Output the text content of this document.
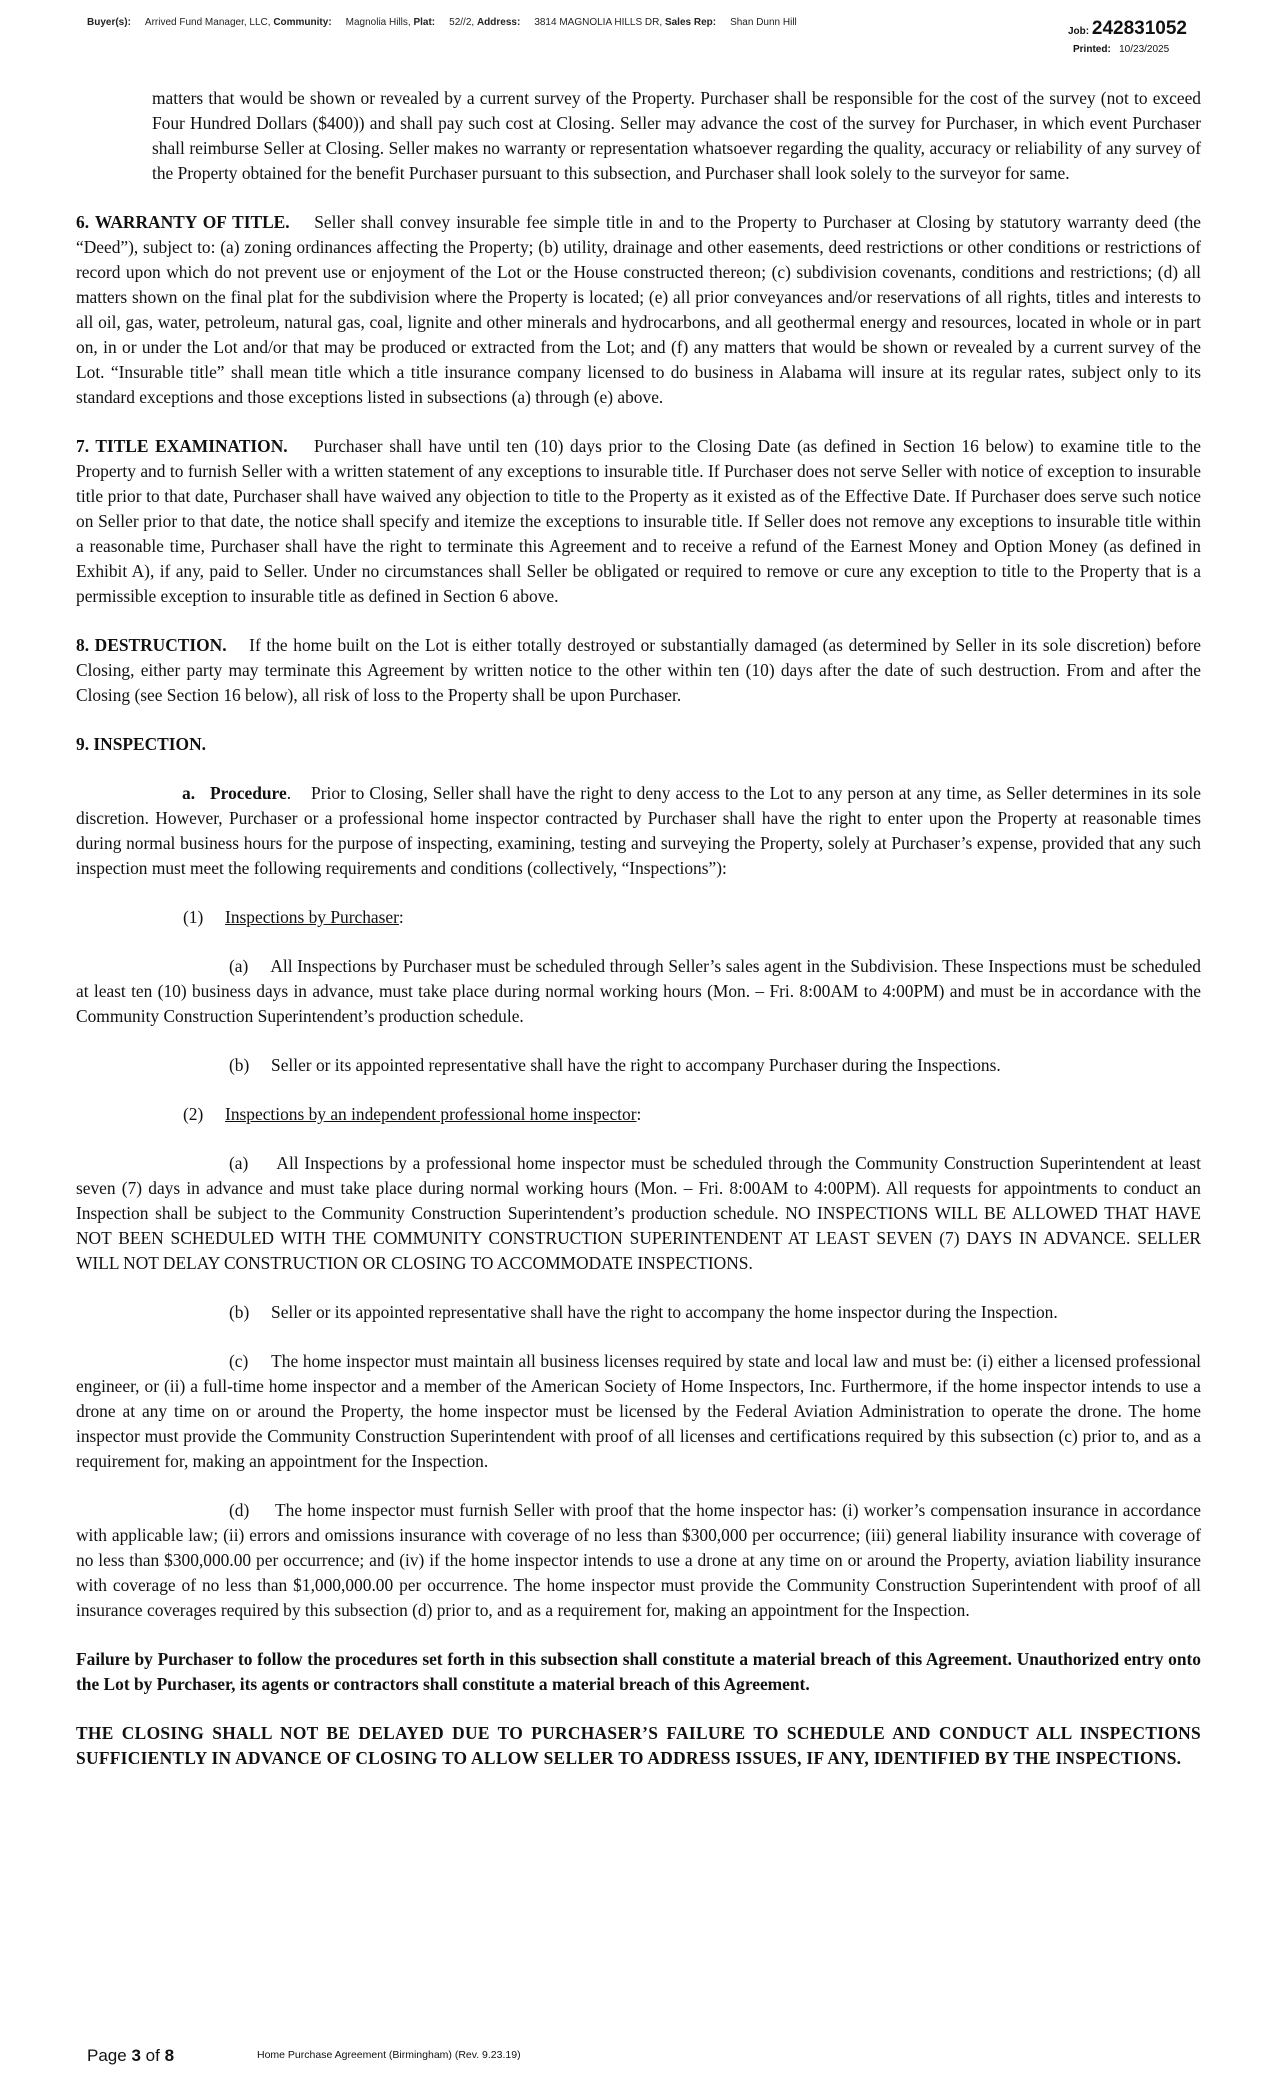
Buyer(s): Arrived Fund Manager, LLC, Community: Magnolia Hills, Plat: 52//2, Address: 3814 MAGNOLIA HILLS DR, Sales Rep: Shan Dunn Hill
Job: 242831052
Printed: 10/23/2025

matters that would be shown or revealed by a current survey of the Property. Purchaser shall be responsible for the cost of the survey (not to exceed Four Hundred Dollars ($400)) and shall pay such cost at Closing. Seller may advance the cost of the survey for Purchaser, in which event Purchaser shall reimburse Seller at Closing. Seller makes no warranty or representation whatsoever regarding the quality, accuracy or reliability of any survey of the Property obtained for the benefit Purchaser pursuant to this subsection, and Purchaser shall look solely to the surveyor for same.

6. WARRANTY OF TITLE. Seller shall convey insurable fee simple title in and to the Property to Purchaser at Closing by statutory warranty deed (the “Deed”), subject to: (a) zoning ordinances affecting the Property; (b) utility, drainage and other easements, deed restrictions or other conditions or restrictions of record upon which do not prevent use or enjoyment of the Lot or the House constructed thereon; (c) subdivision covenants, conditions and restrictions; (d) all matters shown on the final plat for the subdivision where the Property is located; (e) all prior conveyances and/or reservations of all rights, titles and interests to all oil, gas, water, petroleum, natural gas, coal, lignite and other minerals and hydrocarbons, and all geothermal energy and resources, located in whole or in part on, in or under the Lot and/or that may be produced or extracted from the Lot; and (f) any matters that would be shown or revealed by a current survey of the Lot. “Insurable title” shall mean title which a title insurance company licensed to do business in Alabama will insure at its regular rates, subject only to its standard exceptions and those exceptions listed in subsections (a) through (e) above.

7. TITLE EXAMINATION. Purchaser shall have until ten (10) days prior to the Closing Date (as defined in Section 16 below) to examine title to the Property and to furnish Seller with a written statement of any exceptions to insurable title. If Purchaser does not serve Seller with notice of exception to insurable title prior to that date, Purchaser shall have waived any objection to title to the Property as it existed as of the Effective Date. If Purchaser does serve such notice on Seller prior to that date, the notice shall specify and itemize the exceptions to insurable title. If Seller does not remove any exceptions to insurable title within a reasonable time, Purchaser shall have the right to terminate this Agreement and to receive a refund of the Earnest Money and Option Money (as defined in Exhibit A), if any, paid to Seller. Under no circumstances shall Seller be obligated or required to remove or cure any exception to title to the Property that is a permissible exception to insurable title as defined in Section 6 above.

8. DESTRUCTION. If the home built on the Lot is either totally destroyed or substantially damaged (as determined by Seller in its sole discretion) before Closing, either party may terminate this Agreement by written notice to the other within ten (10) days after the date of such destruction. From and after the Closing (see Section 16 below), all risk of loss to the Property shall be upon Purchaser.

9. INSPECTION.

a. Procedure.    Prior to Closing, Seller shall have the right to deny access to the Lot to any person at any time, as Seller determines in its sole discretion. However, Purchaser or a professional home inspector contracted by Purchaser shall have the right to enter upon the Property at reasonable times during normal business hours for the purpose of inspecting, examining, testing and surveying the Property, solely at Purchaser’s expense, provided that any such inspection must meet the following requirements and conditions (collectively, “Inspections”):

(1) Inspections by Purchaser:

(a) All Inspections by Purchaser must be scheduled through Seller’s sales agent in the Subdivision. These Inspections must be scheduled at least ten (10) business days in advance, must take place during normal working hours (Mon. – Fri. 8:00AM to 4:00PM) and must be in accordance with the Community Construction Superintendent’s production schedule.

(b) Seller or its appointed representative shall have the right to accompany Purchaser during the Inspections.

(2) Inspections by an independent professional home inspector:

(a) All Inspections by a professional home inspector must be scheduled through the Community Construction Superintendent at least seven (7) days in advance and must take place during normal working hours (Mon. – Fri. 8:00AM to 4:00PM). All requests for appointments to conduct an Inspection shall be subject to the Community Construction Superintendent’s production schedule. NO INSPECTIONS WILL BE ALLOWED THAT HAVE NOT BEEN SCHEDULED WITH THE COMMUNITY CONSTRUCTION SUPERINTENDENT AT LEAST SEVEN (7) DAYS IN ADVANCE. SELLER WILL NOT DELAY CONSTRUCTION OR CLOSING TO ACCOMMODATE INSPECTIONS.

(b) Seller or its appointed representative shall have the right to accompany the home inspector during the Inspection.

(c) The home inspector must maintain all business licenses required by state and local law and must be: (i) either a licensed professional engineer, or (ii) a full-time home inspector and a member of the American Society of Home Inspectors, Inc. Furthermore, if the home inspector intends to use a drone at any time on or around the Property, the home inspector must be licensed by the Federal Aviation Administration to operate the drone. The home inspector must provide the Community Construction Superintendent with proof of all licenses and certifications required by this subsection (c) prior to, and as a requirement for, making an appointment for the Inspection.

(d) The home inspector must furnish Seller with proof that the home inspector has: (i) worker’s compensation insurance in accordance with applicable law; (ii) errors and omissions insurance with coverage of no less than $300,000 per occurrence; (iii) general liability insurance with coverage of no less than $300,000.00 per occurrence; and (iv) if the home inspector intends to use a drone at any time on or around the Property, aviation liability insurance with coverage of no less than $1,000,000.00 per occurrence. The home inspector must provide the Community Construction Superintendent with proof of all insurance coverages required by this subsection (d) prior to, and as a requirement for, making an appointment for the Inspection.

Failure by Purchaser to follow the procedures set forth in this subsection shall constitute a material breach of this Agreement. Unauthorized entry onto the Lot by Purchaser, its agents or contractors shall constitute a material breach of this Agreement.

THE CLOSING SHALL NOT BE DELAYED DUE TO PURCHASER’S FAILURE TO SCHEDULE AND CONDUCT ALL INSPECTIONS SUFFICIENTLY IN ADVANCE OF CLOSING TO ALLOW SELLER TO ADDRESS ISSUES, IF ANY, IDENTIFIED BY THE INSPECTIONS.

Page 3 of 8	Home Purchase Agreement (Birmingham) (Rev. 9.23.19)
